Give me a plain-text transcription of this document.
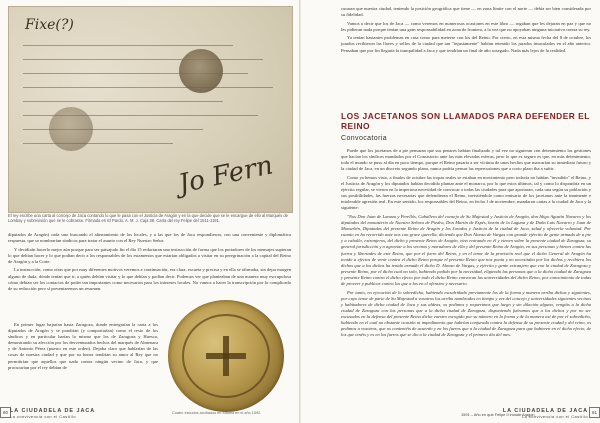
Fixe(?)
Jo Fern
El rey escribe una carta al concejo de Jaca contando lo que le pasa con el Justicia de Aragón y en la que decide que se le encargue de ello al Marqués de Lombay y sobrevisión que se le cobrasse. Firmada en El Pardo, A. M. J. Caja 38. Carta del rey Felipe del 1511-1191.

diputados de Aragón) cada uno buscando el alineamiento de los locales, y a las que los de Jaca respondieron, con una conveniente y diplomática respuesta, que se nombrarían síndicos para tratar el asunto con el Rey Nuestro Señor.

Y decidirán hacerlo mejor aún porque para ser paisajudo fin el día 15 redactaran una instrucción de forma que los portadores de los mensajes supieran lo que debían hacer y lo que podían decir a los responsables de los estamentos que estarían obligados a visitar en su peregrinación a la capital del Reino de Aragón y a la Corte.

La instrucción, como otras que por muy diferentes motivos veremos a continuación, era clara, escueta y precisa y en ella se afirmaba, sin dejar margen alguno de duda, dónde tenían que ir, a quién debían visitar y lo que debían y podían decir. Podemos ver que planteaban de una manera muy escrupulosa cómo debían ser los contactos de poder tan importantes como necesarios para los intereses locales. No vamos a hacer la transcripción por lo complicado de su redacción pero sí presentaremos un resumen.

En primer lugar bajarían hasta Zaragoza, donde entregarían la carta a los diputados de Aragón y se pondrían (y comportarían) como el resto de los síndicos y en particular harían lo mismo que los de Zaragoza y Huesca, demostrando su afección por los desventurados hechos del marqués de Almenara y de Antonio Pérez (puesto en este orden). Dejaba claro que hablarían de las cosas de nuestra ciudad y que por su honor tendrían su amor al Rey que no permitirían que aquellos que nada contra ningún vecino de Jaca, y que procurarían por el rey debían de

Cuatro escudos acuñados en Madrid en el año 1592.
80 LA CIUDADELA DE JACA
La convivencia con el Castillo

curaran que nuestra ciudad, teniendo la posición geográfica que tiene — en zona límite con el norte — debía ser bien considerada por su fidelidad.

Vamos a decir que los de Jaca — como veremos en numerosas ocasiones en este libro — rogaban que les dejaran en paz y que no les pidieran nada porque tenían una gran responsabilidad en zona de frontera, a la vez que no apoyaban ninguna iniciativa contra su rey.

Ya tenían bastantes problemas en casa como para meterse con los del Reino. Por cierto, en esta misma fecha del 8 de octubre, los jurados recibieron las llaves y sellos de la ciudad que tan "injustamente" habían retenido los jurados insaculados en el año anterior. Pensaban que por fin llegaría la tranquilidad a Jaca y que tendrían un final de año sosegado. Nada más lejos de la realidad.

LOS JACETANOS SON LLAMADOS PARA DEFENDER EL REINO
Convocatoria

Puede que los jacetanos de a pie pensaran que sus penares habían finalizado y tal vez no siguieran con detenimiento las gestiones que hacían los síndicos mandados por el Consistorio ante las más elevadas esferas, pero lo que es seguro es que, en más detenimiento, todo el mundo se puso al día en poco tiempo, porque el Reino pasaría a ser víctima de unos hechos que marcarían su inmediato futuro y la ciudad de Jaca, en un discreto segundo plano, nunca podría pensar las repercusiones que a corto plazo iba a sufrir.

Como ya hemos visto, a finales de octubre las tropas reales se estaban en movimiento pero todavía no habían "invadido" el Reino, y el Justicia de Aragón y los diputados habían decidido plantar ante el monarca, por lo que estos últimos, tal y como lo dispondría en un ejército regular, se vieron en la imperiosa necesidad de convocar a todas las ciudades para que aportaran, cada una según su población y sus posibilidades, las fuerzas necesarias que defendieran el Reino, invistiéndole como emisario de los jacetanos ante la inminente e intolerable agresión real. En este sentido, los responsables del Reino, en fecha 1 de noviembre, mandaron cartas a la ciudad de Jaca y la siguiente:

"Nos Don Juan de Lanuza y Perellós, Caballero del consejo de Su Majestad y Justicia de Aragón, don Iñigo Agustín Navarro y los diputados del monasterio de Nuestra Señora de Piedra, Don Martín de Espés, barón de la Laguna y de Doña Luis Navarro y Juan de Monseñén, Diputados del presente Reino de Aragón y los Jurados y Justicia de la ciudad de Jaca, salud y ofrecerla voluntad. Por cuanto en ha recorrido ante nos con grave querella, diciendo que Don Alonso de Vargas con grande ejército de gente armada de a pie y a caballo, extranjeros, del dicho y presente Reino de Aragón, vino entrando en él y vienen sobre la presente ciudad de Zaragoza, su general jurisdicción y a agraviar a los vecinos y moradores de ella y del presente Reino de Aragón, en sus personas y bienes contra las fueros y libertades de este Reino, que por el fuero del Reino, y en el tenor de la provisión real que el dicho General de Aragón ha tenido a efectos de venir contra el dicho Reino porque el presente Reino que nos ponía y no necesitaba por los dichos y recibiera los dichos que a los dichos ha tenido armado el dicho D. Alonso de Vargas, y ejército y gente extranjero que con la ciudad de Zaragoza y presente Reino, por el dicho cual no solo, habiendo pedido por la necesidad, eligiendo las personas que a la dicha ciudad de Zaragoza y presente Reino contra el dicho efecto por todo el dicho Reino convocan las universidades del dicho Reino, por conocimiento de todas de proveer y publicar contra los que a los en el ofensivo y necesario.

Por tanto, en ejecución de lo sobredicho, habiendo escudriñado previamente los de la forma y manera arriba dichas y siguientes, por cuyo tenor de parte de Su Majestad a vosotros los arriba nombrados en tiempo y vez del concejo y universidades siguientes vecinos y habitadores de dicha ciudad de Jaca y sus aldeas, os pedimos y requerimos que luego y sin dilación alguna, vengáis a la dicha ciudad de Zaragoza con las personas que a la dicha ciudad de Zaragoza, disponiendo fuéramos que a los dichos y por no ser excusados en la defensa del presente Reino dicho vuestro escogido por su número en la forma y de la manera así de por el sobredicho, habiendo en el cual no obstante ocasión ni impedimento que habrían conjurado contra la defensa de su presente ciudad y del reino, os pedimos a vosotros, que os contentéis de acuerdo y en los fueros que a la ciudad de Zaragoza para que hubieren en el dicho efecto, de los que tenéis y es en los fueros que se dio a la ciudad de Zaragoza y el primero día del mes.

1591 – Año en que Felipe II invade Aragón
LA CIUDADELA DE JACA
La convivencia con el Castillo
81
